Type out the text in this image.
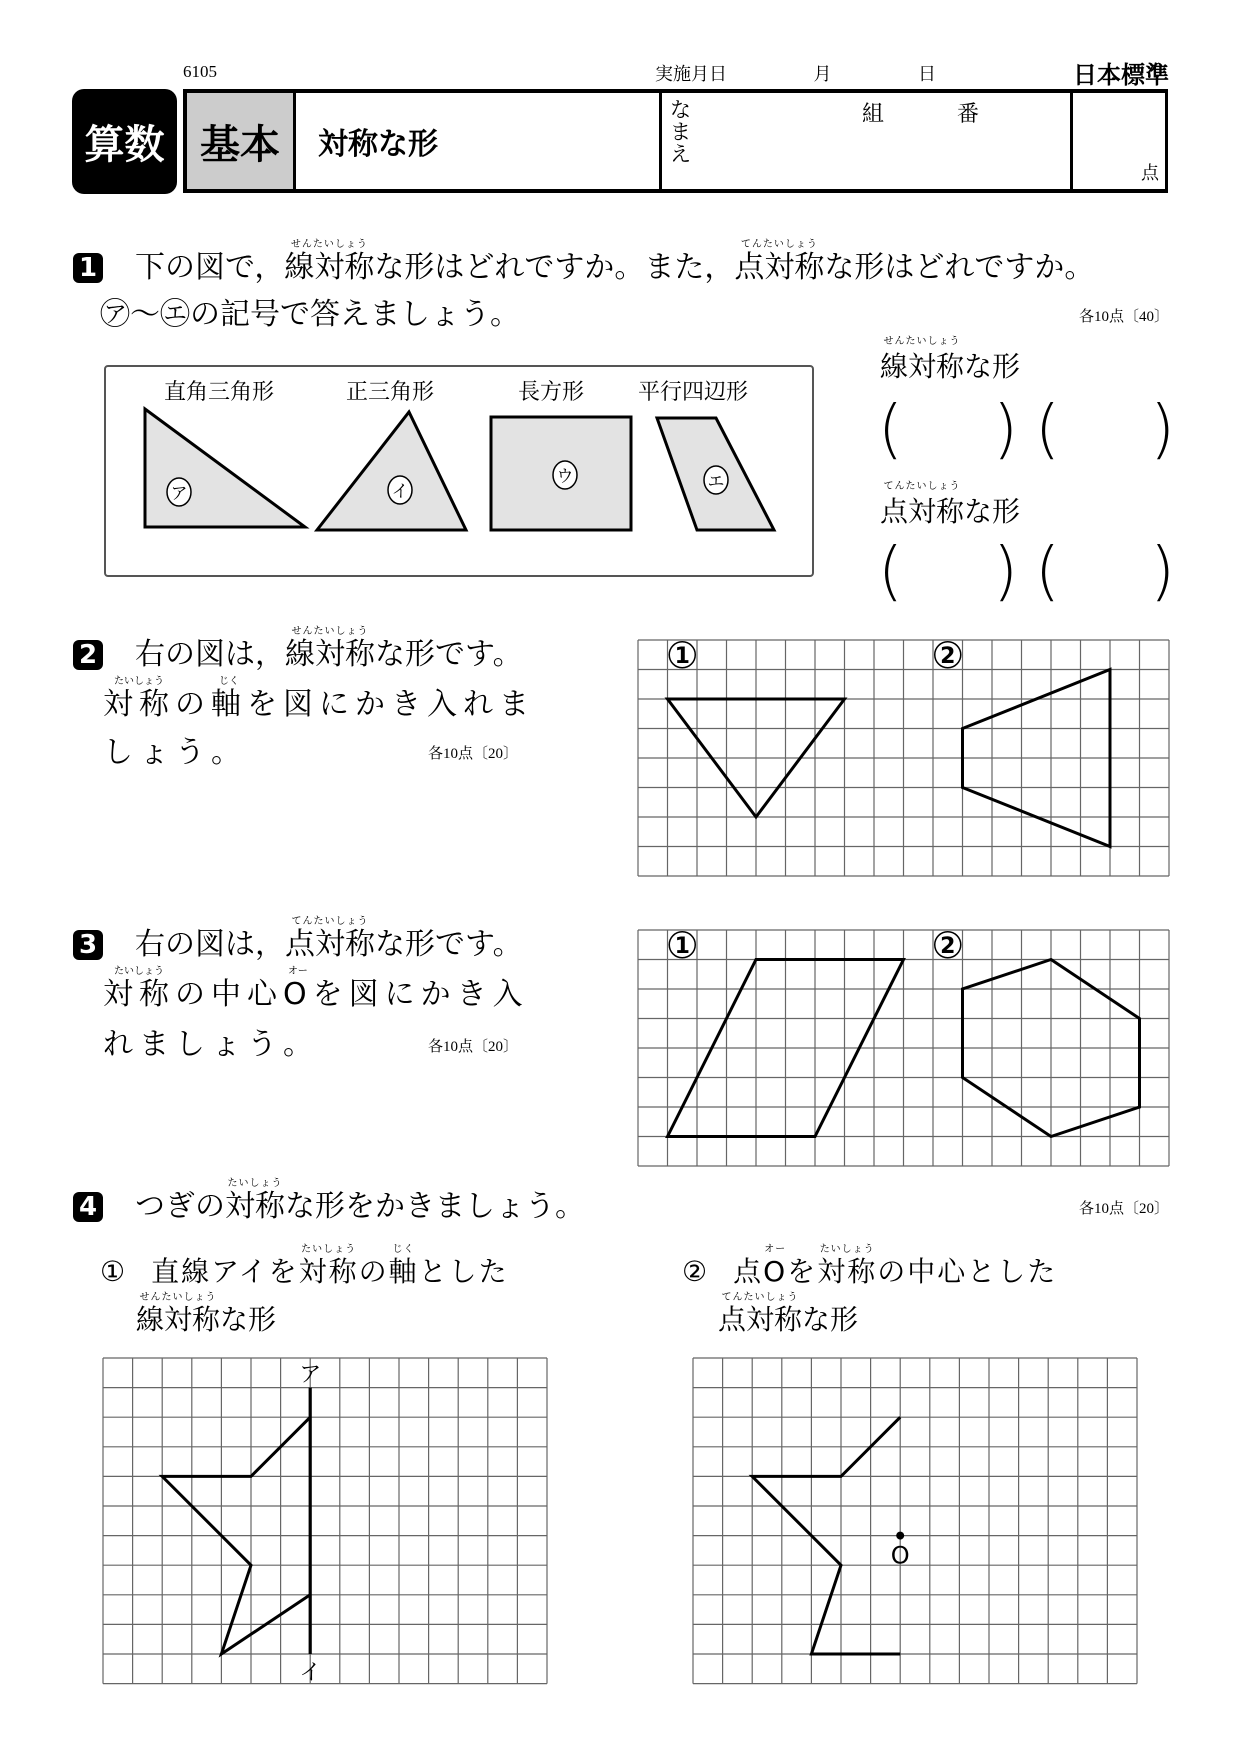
6105	実施月日	月	日	日本標準
算数 基本	対称な形
なまえ
組	番
点
1 下の図で，線対称
せんたいしょう
な形はどれですか。また，点対称
てんたいしょう
な形はどれですか。
㋐～㋓の記号で答えましょう。	各10点〔40〕
直角三角形	正三角形	長方形 平行四辺形
ア	イ
ウ	エ
線対称
せんたいしょう
な形
( ) ( )
点対称
てんたいしょう
な形
( ) ( )
2 右の図は，線対称
せんたいしょう
な形です。
対称
たいしょう
の軸
じく
を図にかき入れま
しょう。	各10点〔20〕
1	2
3 右の図は，点対称
てんたいしょう
な形です。
対称
たいしょう
の中心O
オー
を図にかき入
れましょう。	各10点〔20〕
1	2
4 つぎの対称
たいしょう
な形をかきましょう。	各10点〔20〕
① 直線アイを対称
たいしょう
の軸
じく
とした
線対称
せんたいしょう
な形
② 点O
オー
を対称
たいしょう
の中心とした
点対称
てんたいしょう
な形
ア
イ
O
